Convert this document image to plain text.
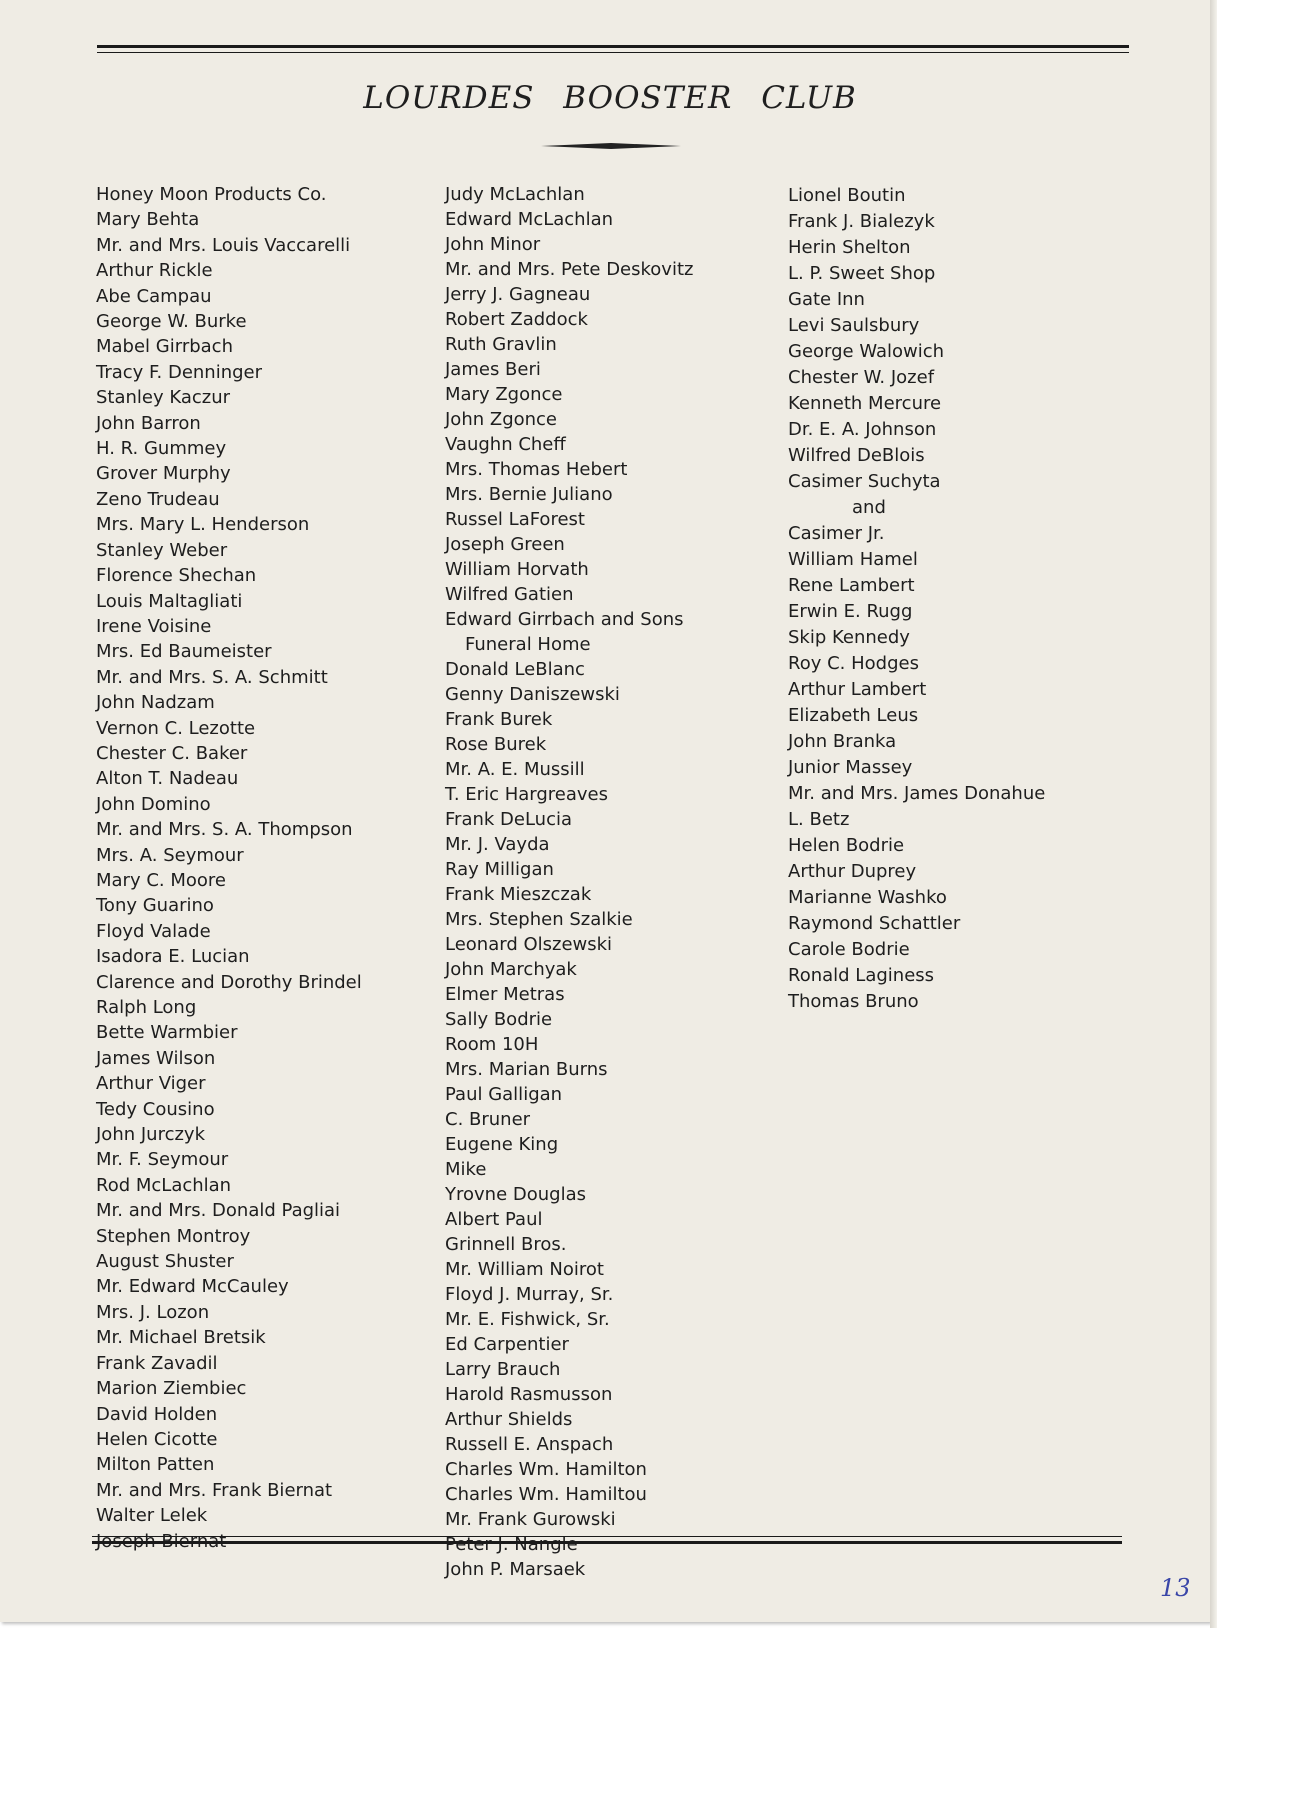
LOURDES BOOSTER CLUB
Honey Moon Products Co.
Mary Behta
Mr. and Mrs. Louis Vaccarelli
Arthur Rickle
Abe Campau
George W. Burke
Mabel Girrbach
Tracy F. Denninger
Stanley Kaczur
John Barron
H. R. Gummey
Grover Murphy
Zeno Trudeau
Mrs. Mary L. Henderson
Stanley Weber
Florence Shechan
Louis Maltagliati
Irene Voisine
Mrs. Ed Baumeister
Mr. and Mrs. S. A. Schmitt
John Nadzam
Vernon C. Lezotte
Chester C. Baker
Alton T. Nadeau
John Domino
Mr. and Mrs. S. A. Thompson
Mrs. A. Seymour
Mary C. Moore
Tony Guarino
Floyd Valade
Isadora E. Lucian
Clarence and Dorothy Brindel
Ralph Long
Bette Warmbier
James Wilson
Arthur Viger
Tedy Cousino
John Jurczyk
Mr. F. Seymour
Rod McLachlan
Mr. and Mrs. Donald Pagliai
Stephen Montroy
August Shuster
Mr. Edward McCauley
Mrs. J. Lozon
Mr. Michael Bretsik
Frank Zavadil
Marion Ziembiec
David Holden
Helen Cicotte
Milton Patten
Mr. and Mrs. Frank Biernat
Walter Lelek
Joseph Biernat
Judy McLachlan
Edward McLachlan
John Minor
Mr. and Mrs. Pete Deskovitz
Jerry J. Gagneau
Robert Zaddock
Ruth Gravlin
James Beri
Mary Zgonce
John Zgonce
Vaughn Cheff
Mrs. Thomas Hebert
Mrs. Bernie Juliano
Russel LaForest
Joseph Green
William Horvath
Wilfred Gatien
Edward Girrbach and Sons
Funeral Home
Donald LeBlanc
Genny Daniszewski
Frank Burek
Rose Burek
Mr. A. E. Mussill
T. Eric Hargreaves
Frank DeLucia
Mr. J. Vayda
Ray Milligan
Frank Mieszczak
Mrs. Stephen Szalkie
Leonard Olszewski
John Marchyak
Elmer Metras
Sally Bodrie
Room 10H
Mrs. Marian Burns
Paul Galligan
C. Bruner
Eugene King
Mike
Yrovne Douglas
Albert Paul
Grinnell Bros.
Mr. William Noirot
Floyd J. Murray, Sr.
Mr. E. Fishwick, Sr.
Ed Carpentier
Larry Brauch
Harold Rasmusson
Arthur Shields
Russell E. Anspach
Charles Wm. Hamilton
Charles Wm. Hamiltou
Mr. Frank Gurowski
Peter J. Nangle
John P. Marsaek
Lionel Boutin
Frank J. Bialezyk
Herin Shelton
L. P. Sweet Shop
Gate Inn
Levi Saulsbury
George Walowich
Chester W. Jozef
Kenneth Mercure
Dr. E. A. Johnson
Wilfred DeBlois
Casimer Suchyta
and
Casimer Jr.
William Hamel
Rene Lambert
Erwin E. Rugg
Skip Kennedy
Roy C. Hodges
Arthur Lambert
Elizabeth Leus
John Branka
Junior Massey
Mr. and Mrs. James Donahue
L. Betz
Helen Bodrie
Arthur Duprey
Marianne Washko
Raymond Schattler
Carole Bodrie
Ronald Laginess
Thomas Bruno
13
